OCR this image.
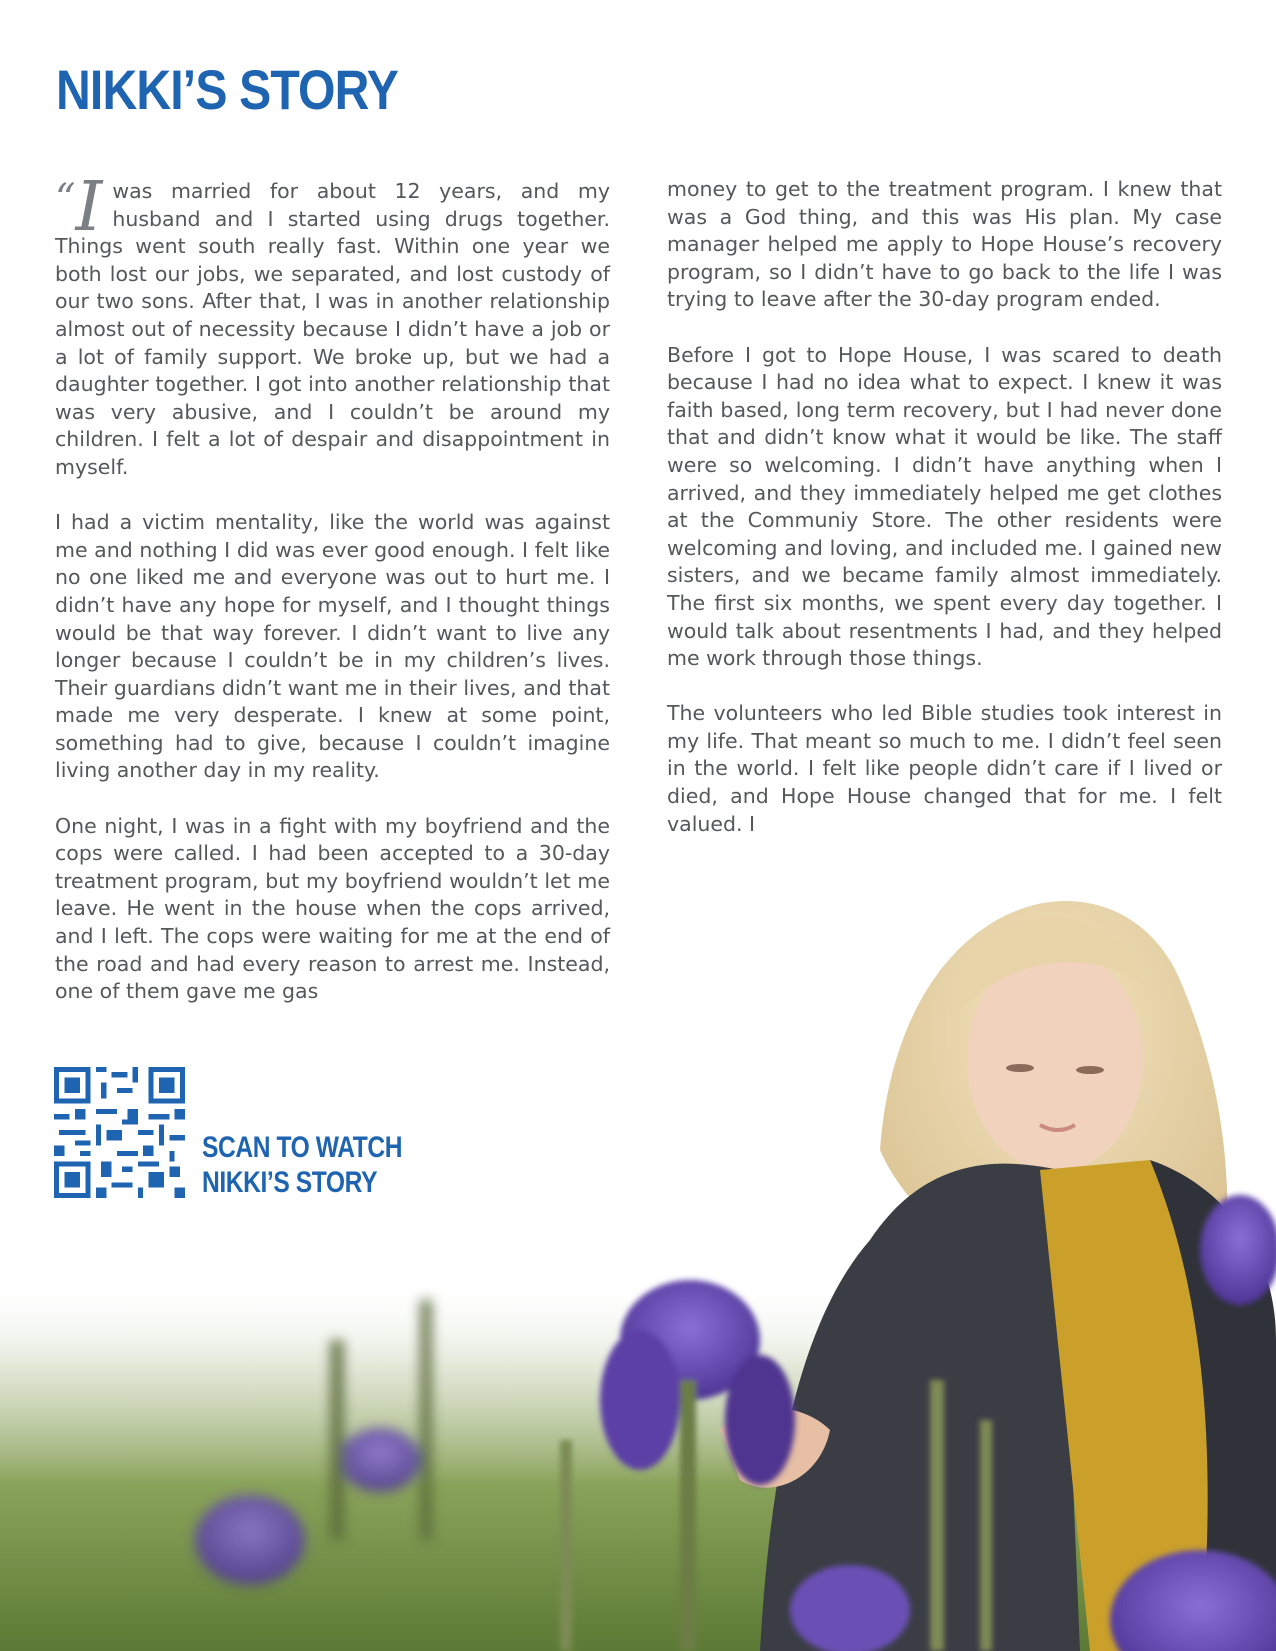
NIKKI’S STORY

“I was married for about 12 years, and my husband and I started using drugs together. Things went south really fast. Within one year we both lost our jobs, we separated, and lost custody of our two sons. After that, I was in another relationship almost out of necessity because I didn’t have a job or a lot of family support. We broke up, but we had a daughter together. I got into another relationship that was very abusive, and I couldn’t be around my children. I felt a lot of despair and disappointment in myself.

I had a victim mentality, like the world was against me and nothing I did was ever good enough. I felt like no one liked me and everyone was out to hurt me. I didn’t have any hope for myself, and I thought things would be that way forever. I didn’t want to live any longer because I couldn’t be in my children’s lives. Their guardians didn’t want me in their lives, and that made me very desperate. I knew at some point, something had to give, because I couldn’t imagine living another day in my reality.

One night, I was in a fight with my boyfriend and the cops were called. I had been accepted to a 30-day treatment program, but my boyfriend wouldn’t let me leave. He went in the house when the cops arrived, and I left. The cops were waiting for me at the end of the road and had every reason to arrest me. Instead, one of them gave me gas

money to get to the treatment program. I knew that was a God thing, and this was His plan. My case manager helped me apply to Hope House’s recovery program, so I didn’t have to go back to the life I was trying to leave after the 30-day program ended.

Before I got to Hope House, I was scared to death because I had no idea what to expect. I knew it was faith based, long term recovery, but I had never done that and didn’t know what it would be like. The staff were so welcoming. I didn’t have anything when I arrived, and they immediately helped me get clothes at the Communiy Store. The other residents were welcoming and loving, and included me. I gained new sisters, and we became family almost immediately. The first six months, we spent every day together. I would talk about resentments I had, and they helped me work through those things.

The volunteers who led Bible studies took interest in my life. That meant so much to me. I didn’t feel seen in the world. I felt like people didn’t care if I lived or died, and Hope House changed that for me. I felt valued. I

SCAN TO WATCH
NIKKI’S STORY
